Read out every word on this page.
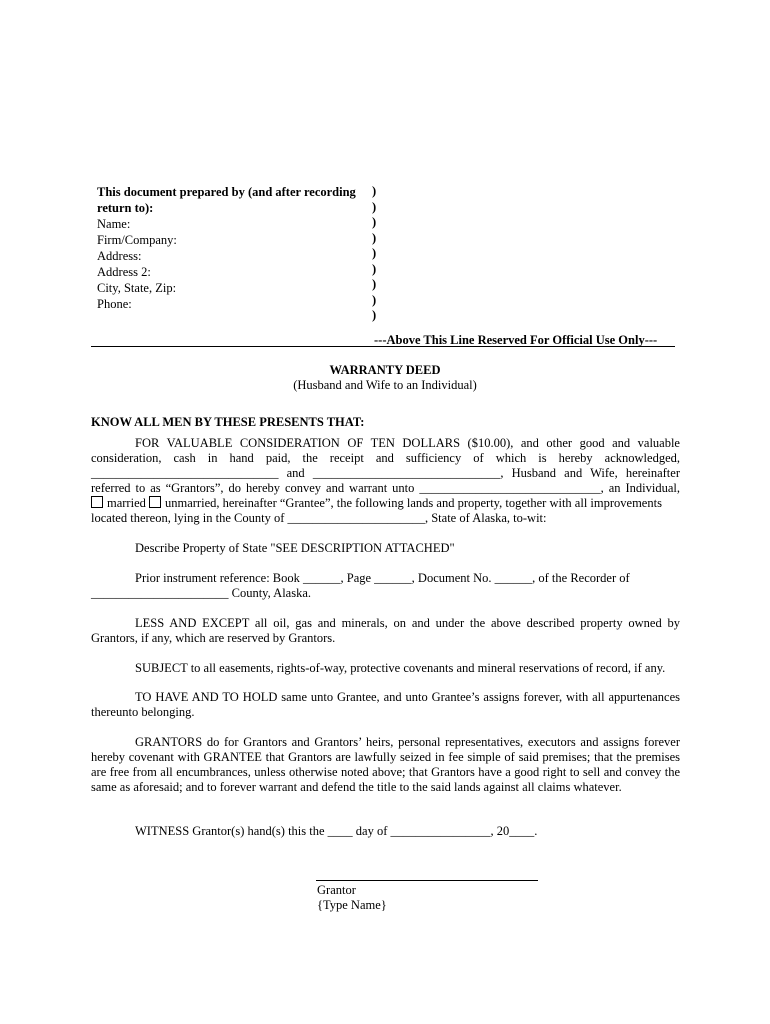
This document prepared by (and after recording
return to):
Name:
Firm/Company:
Address:
Address 2:
City, State, Zip:
Phone:
)
)
)
)
)
)
)
)
)
---Above This Line Reserved For Official Use Only---
WARRANTY DEED
(Husband and Wife to an Individual)
KNOW ALL MEN BY THESE PRESENTS THAT:
FOR VALUABLE CONSIDERATION OF TEN DOLLARS ($10.00), and other good and valuable
consideration, cash in hand paid, the receipt and sufficiency of which is hereby acknowledged,
______________________________ and ______________________________, Husband and Wife, hereinafter
referred to as “Grantors”, do hereby convey and warrant unto _____________________________, an Individual,
married unmarried, hereinafter “Grantee”, the following lands and property, together with all improvements
located thereon, lying in the County of ______________________, State of Alaska, to-wit:
Describe Property of State "SEE DESCRIPTION ATTACHED"
Prior instrument reference: Book ______, Page ______, Document No. ______, of the Recorder of
______________________ County, Alaska.
LESS AND EXCEPT all oil, gas and minerals, on and under the above described property owned by Grantors, if any, which are reserved by Grantors.
SUBJECT to all easements, rights-of-way, protective covenants and mineral reservations of record, if any.
TO HAVE AND TO HOLD same unto Grantee, and unto Grantee’s assigns forever, with all appurtenances thereunto belonging.
GRANTORS do for Grantors and Grantors’ heirs, personal representatives, executors and assigns forever hereby covenant with GRANTEE that Grantors are lawfully seized in fee simple of said premises; that the premises are free from all encumbrances, unless otherwise noted above; that Grantors have a good right to sell and convey the same as aforesaid; and to forever warrant and defend the title to the said lands against all claims whatever.
WITNESS Grantor(s) hand(s) this the ____ day of ________________, 20____.
Grantor
{Type Name}
